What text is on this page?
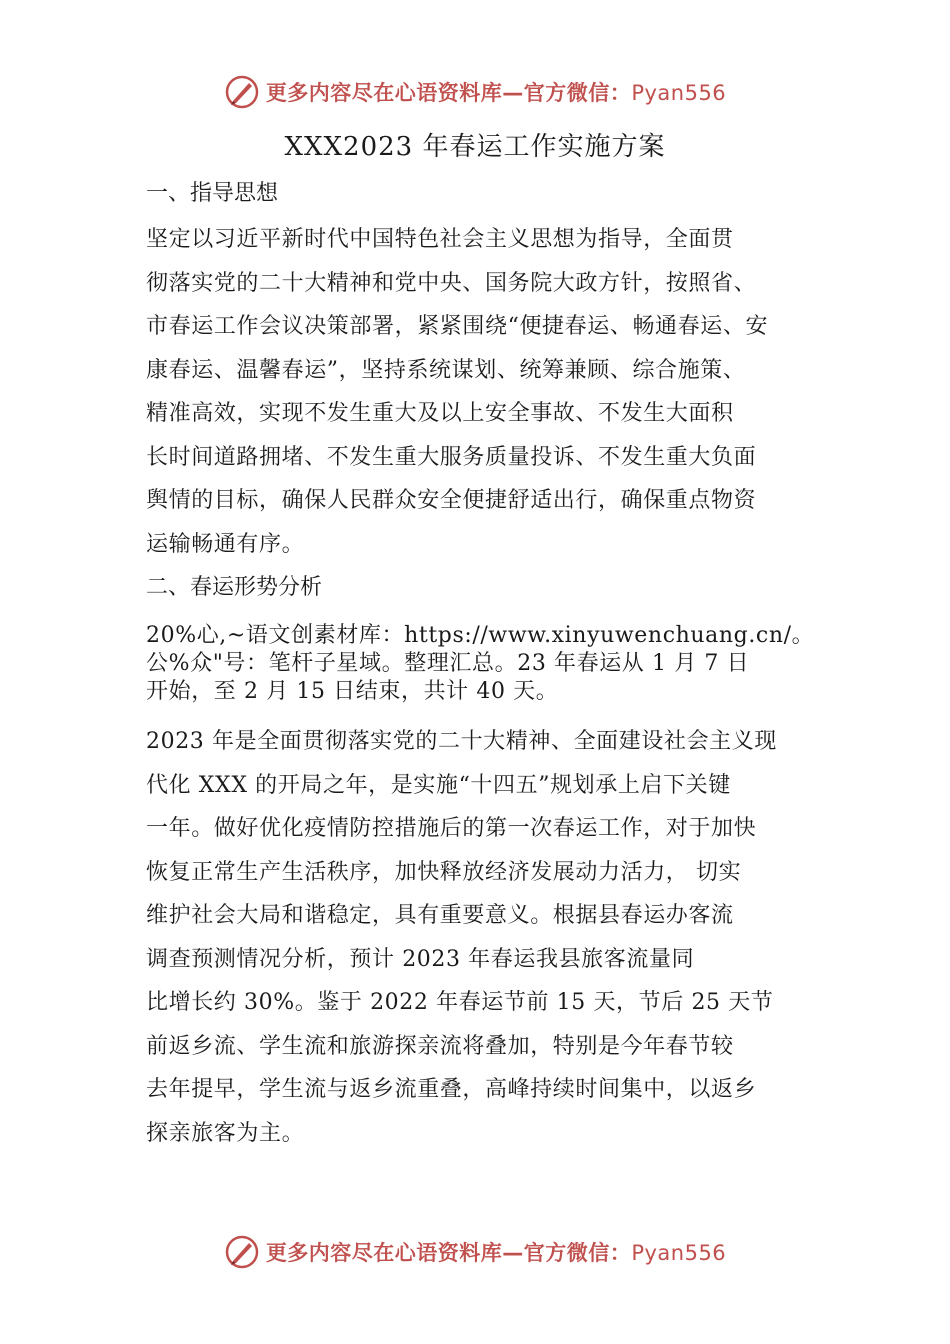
更多内容尽在心语资料库—官方微信：Pyan556
XXX2023 年春运工作实施方案
一、指导思想

坚定以习近平新时代中国特色社会主义思想为指导，全面贯

彻落实党的二十大精神和党中央、国务院大政方针，按照省、

市春运工作会议决策部署，紧紧围绕“便捷春运、畅通春运、安

康春运、温馨春运”，坚持系统谋划、统筹兼顾、综合施策、

精准高效，实现不发生重大及以上安全事故、不发生大面积

长时间道路拥堵、不发生重大服务质量投诉、不发生重大负面

舆情的目标，确保人民群众安全便捷舒适出行，确保重点物资

运输畅通有序。

二、春运形势分析

20%心,~语文创素材库：https://www.xinyuwenchuang.cn/。

公%众"号：笔杆子星域。整理汇总。23 年春运从 1 月 7 日

开始，至 2 月 15 日结束，共计 40 天。

2023 年是全面贯彻落实党的二十大精神、全面建设社会主义现

代化 XXX 的开局之年，是实施“十四五”规划承上启下关键

一年。做好优化疫情防控措施后的第一次春运工作，对于加快

恢复正常生产生活秩序，加快释放经济发展动力活力， 切实

维护社会大局和谐稳定，具有重要意义。根据县春运办客流

调查预测情况分析，预计 2023 年春运我县旅客流量同

比增长约 30%。鉴于 2022 年春运节前 15 天，节后 25 天节

前返乡流、学生流和旅游探亲流将叠加，特别是今年春节较

去年提早，学生流与返乡流重叠，高峰持续时间集中，以返乡

探亲旅客为主。

更多内容尽在心语资料库—官方微信：Pyan556
